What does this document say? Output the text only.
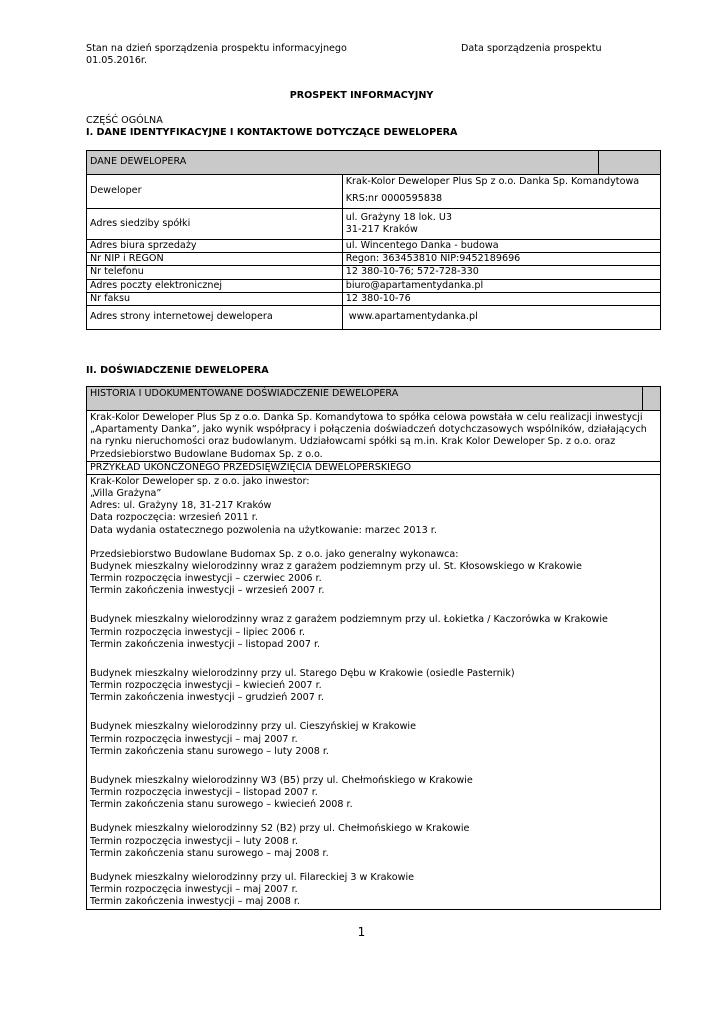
Stan na dzień sporządzenia prospektu informacyjnego
01.05.2016r.
Data sporządzenia prospektu
PROSPEKT INFORMACYJNY
CZĘŚĆ OGÓLNA
I. DANE IDENTYFIKACYJNE I KONTAKTOWE DOTYCZĄCE DEWELOPERA
DANE DEWELOPERA		
Deweloper	Krak-Kolor Deweloper Plus Sp z o.o. Danka Sp. Komandytowa
KRS:nr 0000595838	

Adres siedziby spółki	ul. Grażyny 18 lok. U3
31-217 Kraków	

Adres biura sprzedaży	ul. Wincentego Danka - budowa	
Nr NIP i REGON	Regon: 363453810 NIP:9452189696	
Nr telefonu	12 380-10-76; 572-728-330	
Adres poczty elektronicznej	biuro@apartamentydanka.pl	
Nr faksu	12 380-10-76	
Adres strony internetowej dewelopera	www.apartamentydanka.pl	
II. DOŚWIADCZENIE DEWELOPERA
HISTORIA I UDOKUMENTOWANE DOŚWIADCZENIE DEWELOPERA	
Krak-Kolor Deweloper Plus Sp z o.o. Danka Sp. Komandytowa to spółka celowa powstała w celu realizacji inwestycji „Apartamenty Danka”, jako wynik współpracy i połączenia doświadczeń dotychczasowych wspólników, działających na rynku nieruchomości oraz budowlanym. Udziałowcami spółki są m.in. Krak Kolor Deweloper Sp. z o.o. oraz Przedsiebiorstwo Budowlane Budomax Sp. z o.o.
PRZYKŁAD UKOŃCZONEGO PRZEDSIĘWZIĘCIA DEWELOPERSKIEGO

Krak-Kolor Deweloper sp. z o.o. jako inwestor:
„Villa Grażyna”
Adres: ul. Grażyny 18, 31-217 Kraków
Data rozpoczęcia: wrzesień 2011 r.
Data wydania ostatecznego pozwolenia na użytkowanie: marzec 2013 r.
Przedsiebiorstwo Budowlane Budomax Sp. z o.o. jako generalny wykonawca:
Budynek mieszkalny wielorodzinny wraz z garażem podziemnym przy ul. St. Kłosowskiego w Krakowie
Termin rozpoczęcia inwestycji – czerwiec 2006 r.
Termin zakończenia inwestycji – wrzesień 2007 r.
Budynek mieszkalny wielorodzinny wraz z garażem podziemnym przy ul. Łokietka / Kaczorówka w Krakowie
Termin rozpoczęcia inwestycji – lipiec 2006 r.
Termin zakończenia inwestycji – listopad 2007 r.
Budynek mieszkalny wielorodzinny przy ul. Starego Dębu w Krakowie (osiedle Pasternik)
Termin rozpoczęcia inwestycji – kwiecień 2007 r.
Termin zakończenia inwestycji – grudzień 2007 r.
Budynek mieszkalny wielorodzinny przy ul. Cieszyńskiej w Krakowie
Termin rozpoczęcia inwestycji – maj 2007 r.
Termin zakończenia stanu surowego – luty 2008 r.
Budynek mieszkalny wielorodzinny W3 (B5) przy ul. Chełmońskiego w Krakowie
Termin rozpoczęcia inwestycji – listopad 2007 r.
Termin zakończenia stanu surowego – kwiecień 2008 r.
Budynek mieszkalny wielorodzinny S2 (B2) przy ul. Chełmońskiego w Krakowie
Termin rozpoczęcia inwestycji – luty 2008 r.
Termin zakończenia stanu surowego – maj 2008 r.
Budynek mieszkalny wielorodzinny przy ul. Filareckiej 3 w Krakowie
Termin rozpoczęcia inwestycji – maj 2007 r.
Termin zakończenia inwestycji – maj 2008 r.
1
